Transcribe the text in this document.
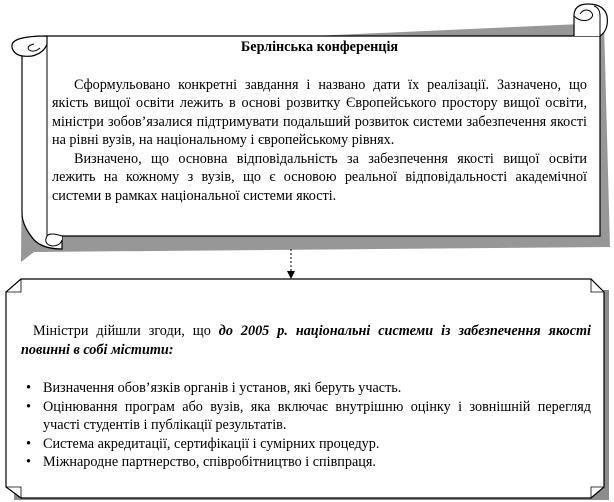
Берлінська конференція

Сформульовано конкретні завдання і названо дати їх реалізації. Зазначено, що якість вищої освіти лежить в основі розвитку Європейського простору вищої освіти, міністри зобов’язалися підтримувати подальший розвиток системи забезпечення якості на рівні вузів, на національному і європейському рівнях.

Визначено, що основна відповідальність за забезпечення якості вищої освіти лежить на кожному з вузів, що є основою реальної відповідальності академічної системи в рамках національної системи якості.

Міністри дійшли згоди, що до 2005 р. національні системи із забезпечення якості повинні в собі містити:

• Визначення обов’язків органів і установ, які беруть участь.
• Оцінювання програм або вузів, яка включає внутрішню оцінку і зовнішній перегляд участі студентів і публікації результатів.
• Система акредитації, сертифікації і сумірних процедур.
• Міжнародне партнерство, співробітництво і співпраця.
